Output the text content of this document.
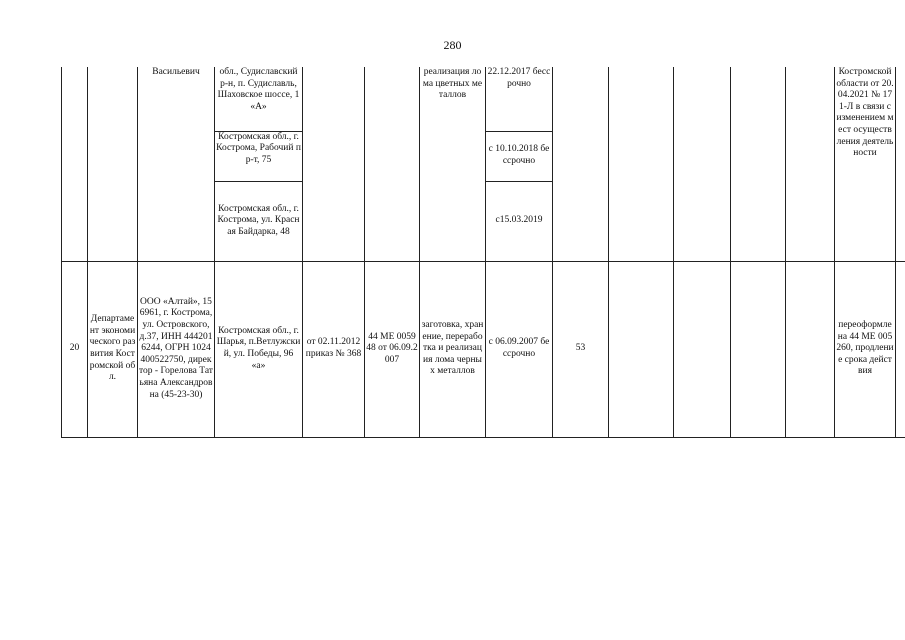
280
		Васильевич	обл., Судиславский р-н, п. Судиславль, Шаховское шоссе, 1 «А»			реализация лома цветных металлов	22.12.2017 бессрочно						Костромской области от 20.04.2021 № 171-Л в связи с изменением мест осуществления деятельности	
			Костромская обл., г. Кострома, Рабочий пр-т, 75				с 10.10.2018 бессрочно							
			Костромская обл., г.Кострома, ул. Красная Байдарка, 48				с15.03.2019							
20	Департамент экономического развития Костромской обл.	ООО «Алтай», 156961, г. Кострома, ул. Островского, д.37, ИНН 4442016244, ОГРН 1024400522750, директор - Горелова Татьяна Александровна (45-23-30)	Костромская обл., г. Шарья, п.Ветлужский, ул. Победы, 96 «а»	от 02.11.2012 приказ № 368	44 МЕ 005948 от 06.09.2007	заготовка, хранение, переработка и реализация лома черных металлов	с 06.09.2007 бессрочно	53					переоформлена 44 МЕ 005260, продление срока действия	
